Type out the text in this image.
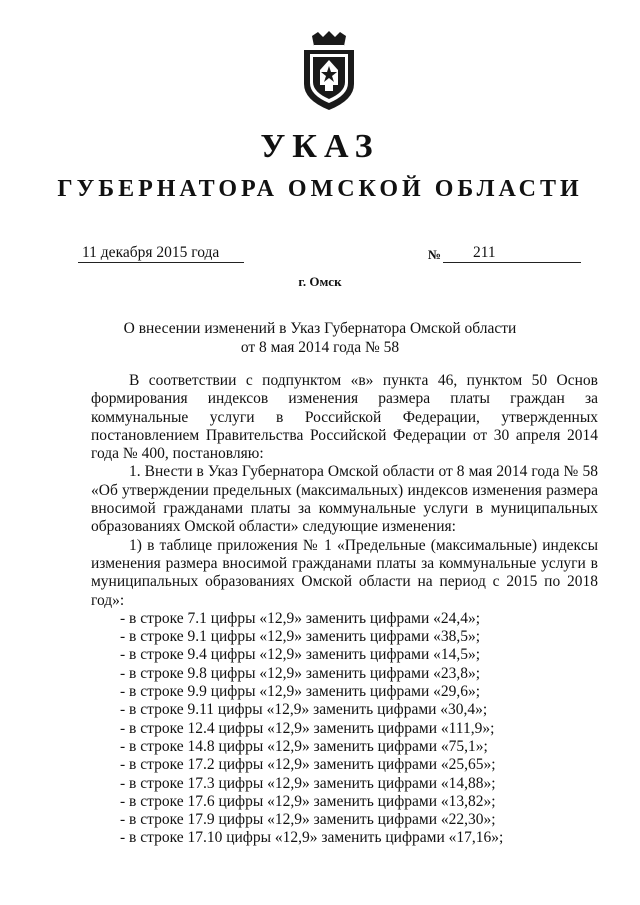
УКАЗ
ГУБЕРНАТОРА ОМСКОЙ ОБЛАСТИ
11 декабря 2015 года	№	211
г. Омск
О внесении изменений в Указ Губернатора Омской области
от 8 мая 2014 года № 58

В соответствии с подпунктом «в» пункта 46, пунктом 50 Основ формирования индексов изменения размера платы граждан за коммунальные услуги в Российской Федерации, утвержденных постановлением Правительства Российской Федерации от 30 апреля 2014 года № 400, постановляю:

1. Внести в Указ Губернатора Омской области от 8 мая 2014 года № 58 «Об утверждении предельных (максимальных) индексов изменения размера вносимой гражданами платы за коммунальные услуги в муниципальных образованиях Омской области» следующие изменения:

1) в таблице приложения № 1 «Предельные (максимальные) индексы изменения размера вносимой гражданами платы за коммунальные услуги в муниципальных образованиях Омской области на период с 2015 по 2018 год»:

- в строке 7.1 цифры «12,9» заменить цифрами «24,4»;
- в строке 9.1 цифры «12,9» заменить цифрами «38,5»;
- в строке 9.4 цифры «12,9» заменить цифрами «14,5»;
- в строке 9.8 цифры «12,9» заменить цифрами «23,8»;
- в строке 9.9 цифры «12,9» заменить цифрами «29,6»;
- в строке 9.11 цифры «12,9» заменить цифрами «30,4»;
- в строке 12.4 цифры «12,9» заменить цифрами «111,9»;
- в строке 14.8 цифры «12,9» заменить цифрами «75,1»;
- в строке 17.2 цифры «12,9» заменить цифрами «25,65»;
- в строке 17.3 цифры «12,9» заменить цифрами «14,88»;
- в строке 17.6 цифры «12,9» заменить цифрами «13,82»;
- в строке 17.9 цифры «12,9» заменить цифрами «22,30»;
- в строке 17.10 цифры «12,9» заменить цифрами «17,16»;
